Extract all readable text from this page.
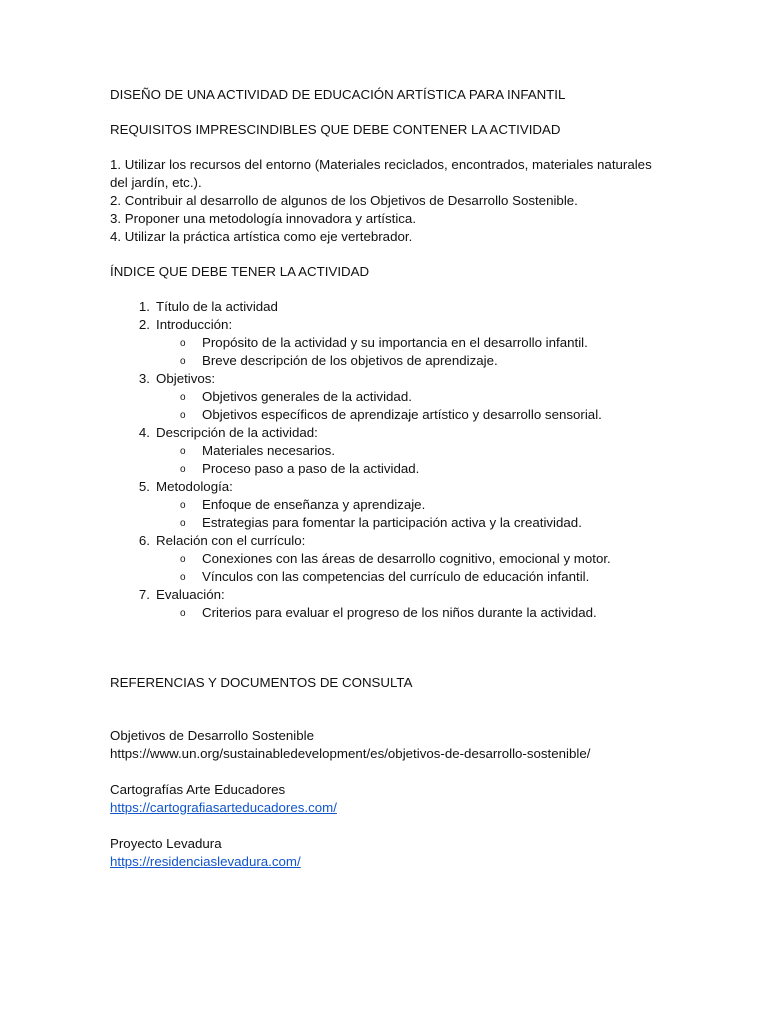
DISEÑO DE UNA ACTIVIDAD DE EDUCACIÓN ARTÍSTICA PARA INFANTIL
REQUISITOS IMPRESCINDIBLES QUE DEBE CONTENER LA ACTIVIDAD
1. Utilizar los recursos del entorno (Materiales reciclados, encontrados, materiales naturales del jardín, etc.).
2. Contribuir al desarrollo de algunos de los Objetivos de Desarrollo Sostenible.
3. Proponer una metodología innovadora y artística.
4. Utilizar la práctica artística como eje vertebrador.
ÍNDICE QUE DEBE TENER LA ACTIVIDAD
1. Título de la actividad
2. Introducción:
o Propósito de la actividad y su importancia en el desarrollo infantil.
o Breve descripción de los objetivos de aprendizaje.
3. Objetivos:
o Objetivos generales de la actividad.
o Objetivos específicos de aprendizaje artístico y desarrollo sensorial.
4. Descripción de la actividad:
o Materiales necesarios.
o Proceso paso a paso de la actividad.
5. Metodología:
o Enfoque de enseñanza y aprendizaje.
o Estrategias para fomentar la participación activa y la creatividad.
6. Relación con el currículo:
o Conexiones con las áreas de desarrollo cognitivo, emocional y motor.
o Vínculos con las competencias del currículo de educación infantil.
7. Evaluación:
o Criterios para evaluar el progreso de los niños durante la actividad.
REFERENCIAS Y DOCUMENTOS DE CONSULTA
Objetivos de Desarrollo Sostenible
https://www.un.org/sustainabledevelopment/es/objetivos-de-desarrollo-sostenible/
Cartografías Arte Educadores
https://cartografiasarteducadores.com/
Proyecto Levadura
https://residenciaslevadura.com/
